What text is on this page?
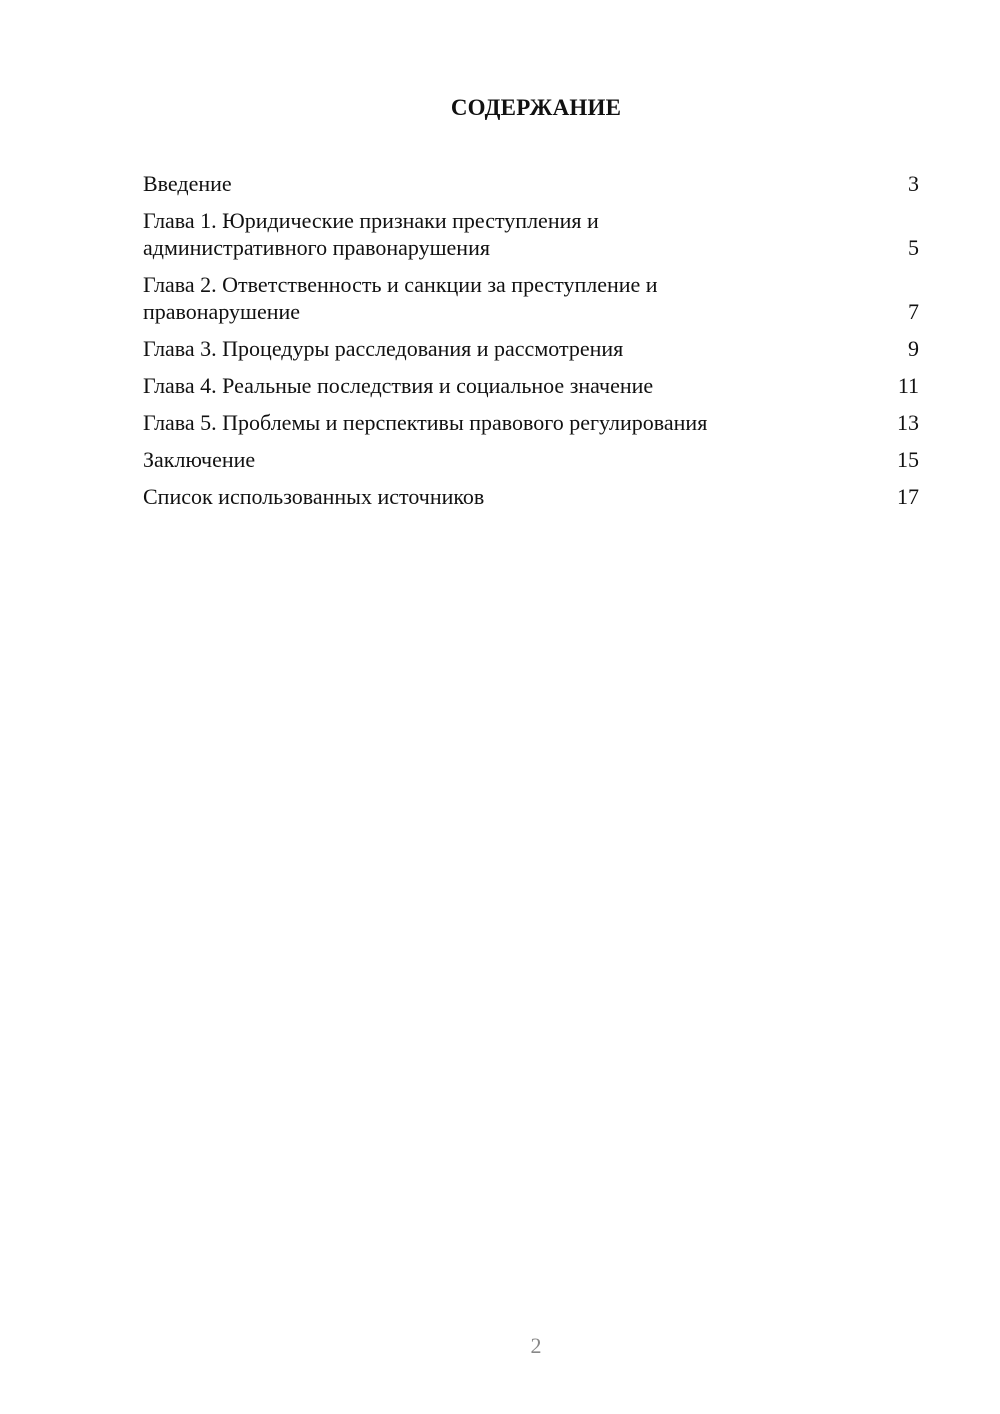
СОДЕРЖАНИЕ
Введение	3
Глава 1. Юридические признаки преступления и
административного правонарушения	5
Глава 2. Ответственность и санкции за преступление и
правонарушение	7
Глава 3. Процедуры расследования и рассмотрения	9
Глава 4. Реальные последствия и социальное значение	11
Глава 5. Проблемы и перспективы правового регулирования	13
Заключение	15
Список использованных источников	17
2
